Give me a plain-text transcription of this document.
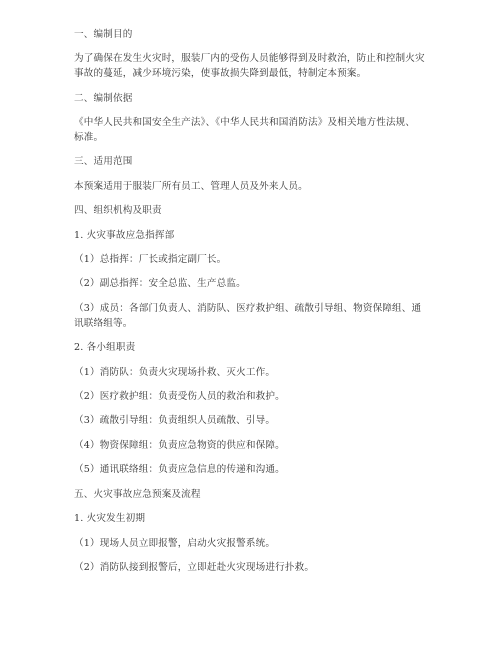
一、编制目的
为了确保在发生火灾时，服装厂内的受伤人员能够得到及时救治，防止和控制火灾
事故的蔓延，减少环境污染，使事故损失降到最低，特制定本预案。
二、编制依据
《中华人民共和国安全生产法》、《中华人民共和国消防法》及相关地方性法规、
标准。
三、适用范围
本预案适用于服装厂所有员工、管理人员及外来人员。
四、组织机构及职责
1. 火灾事故应急指挥部
（1）总指挥：厂长或指定副厂长。
（2）副总指挥：安全总监、生产总监。
（3）成员：各部门负责人、消防队、医疗救护组、疏散引导组、物资保障组、通
讯联络组等。
2. 各小组职责
（1）消防队：负责火灾现场扑救、灭火工作。
（2）医疗救护组：负责受伤人员的救治和救护。
（3）疏散引导组：负责组织人员疏散、引导。
（4）物资保障组：负责应急物资的供应和保障。
（5）通讯联络组：负责应急信息的传递和沟通。
五、火灾事故应急预案及流程
1. 火灾发生初期
（1）现场人员立即报警，启动火灾报警系统。
（2）消防队接到报警后，立即赶赴火灾现场进行扑救。
